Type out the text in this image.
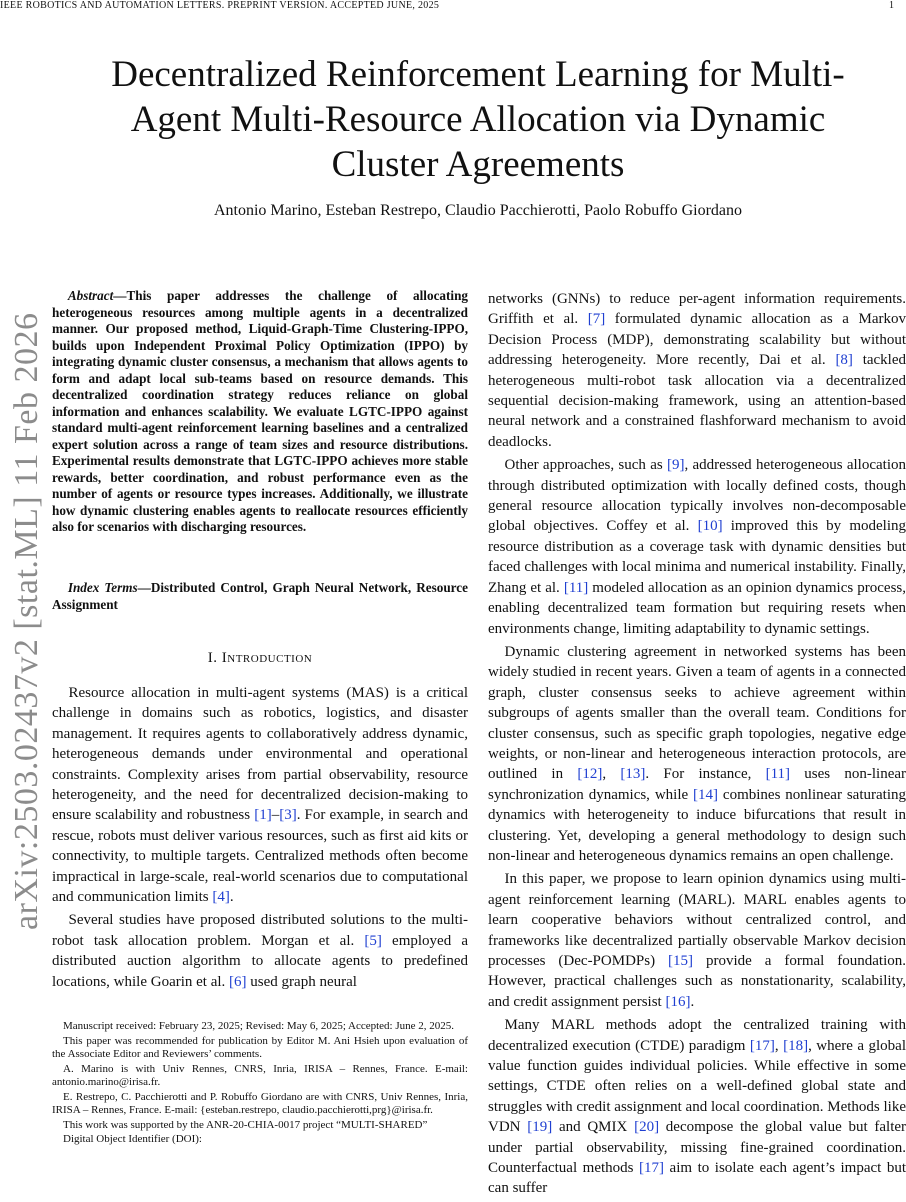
IEEE ROBOTICS AND AUTOMATION LETTERS. PREPRINT VERSION. ACCEPTED JUNE, 2025	1
arXiv:2503.02437v2 [stat.ML] 11 Feb 2026
Decentralized Reinforcement Learning for Multi-Agent Multi-Resource Allocation via Dynamic Cluster Agreements
Antonio Marino, Esteban Restrepo, Claudio Pacchierotti, Paolo Robuffo Giordano

Abstract—This paper addresses the challenge of allocating heterogeneous resources among multiple agents in a decentralized manner. Our proposed method, Liquid-Graph-Time Clustering-IPPO, builds upon Independent Proximal Policy Optimization (IPPO) by integrating dynamic cluster consensus, a mechanism that allows agents to form and adapt local sub-teams based on resource demands. This decentralized coordination strategy reduces reliance on global information and enhances scalability. We evaluate LGTC-IPPO against standard multi-agent reinforcement learning baselines and a centralized expert solution across a range of team sizes and resource distributions. Experimental results demonstrate that LGTC-IPPO achieves more stable rewards, better coordination, and robust performance even as the number of agents or resource types increases. Additionally, we illustrate how dynamic clustering enables agents to reallocate resources efficiently also for scenarios with discharging resources.

Index Terms—Distributed Control, Graph Neural Network, Resource Assignment

I. Introduction

Resource allocation in multi-agent systems (MAS) is a critical challenge in domains such as robotics, logistics, and disaster management. It requires agents to collaboratively address dynamic, heterogeneous demands under environmental and operational constraints. Complexity arises from partial observability, resource heterogeneity, and the need for decentralized decision-making to ensure scalability and robustness [1]–[3]. For example, in search and rescue, robots must deliver various resources, such as first aid kits or connectivity, to multiple targets. Centralized methods often become impractical in large-scale, real-world scenarios due to computational and communication limits [4].

Several studies have proposed distributed solutions to the multi-robot task allocation problem. Morgan et al. [5] employed a distributed auction algorithm to allocate agents to predefined locations, while Goarin et al. [6] used graph neural

Manuscript received: February 23, 2025; Revised: May 6, 2025; Accepted: June 2, 2025.

This paper was recommended for publication by Editor M. Ani Hsieh upon evaluation of the Associate Editor and Reviewers’ comments.

A. Marino is with Univ Rennes, CNRS, Inria, IRISA – Rennes, France. E-mail: antonio.marino@irisa.fr.

E. Restrepo, C. Pacchierotti and P. Robuffo Giordano are with CNRS, Univ Rennes, Inria, IRISA – Rennes, France. E-mail: {esteban.restrepo, claudio.pacchierotti,prg}@irisa.fr.

This work was supported by the ANR-20-CHIA-0017 project “MULTI-SHARED”

Digital Object Identifier (DOI):

networks (GNNs) to reduce per-agent information requirements. Griffith et al. [7] formulated dynamic allocation as a Markov Decision Process (MDP), demonstrating scalability but without addressing heterogeneity. More recently, Dai et al. [8] tackled heterogeneous multi-robot task allocation via a decentralized sequential decision-making framework, using an attention-based neural network and a constrained flashforward mechanism to avoid deadlocks.

Other approaches, such as [9], addressed heterogeneous allocation through distributed optimization with locally defined costs, though general resource allocation typically involves non-decomposable global objectives. Coffey et al. [10] improved this by modeling resource distribution as a coverage task with dynamic densities but faced challenges with local minima and numerical instability. Finally, Zhang et al. [11] modeled allocation as an opinion dynamics process, enabling decentralized team formation but requiring resets when environments change, limiting adaptability to dynamic settings.

Dynamic clustering agreement in networked systems has been widely studied in recent years. Given a team of agents in a connected graph, cluster consensus seeks to achieve agreement within subgroups of agents smaller than the overall team. Conditions for cluster consensus, such as specific graph topologies, negative edge weights, or non-linear and heterogeneous interaction protocols, are outlined in [12], [13]. For instance, [11] uses non-linear synchronization dynamics, while [14] combines nonlinear saturating dynamics with heterogeneity to induce bifurcations that result in clustering. Yet, developing a general methodology to design such non-linear and heterogeneous dynamics remains an open challenge.

In this paper, we propose to learn opinion dynamics using multi-agent reinforcement learning (MARL). MARL enables agents to learn cooperative behaviors without centralized control, and frameworks like decentralized partially observable Markov decision processes (Dec-POMDPs) [15] provide a formal foundation. However, practical challenges such as nonstationarity, scalability, and credit assignment persist [16].

Many MARL methods adopt the centralized training with decentralized execution (CTDE) paradigm [17], [18], where a global value function guides individual policies. While effective in some settings, CTDE often relies on a well-defined global state and struggles with credit assignment and local coordination. Methods like VDN [19] and QMIX [20] decompose the global value but falter under partial observability, missing fine-grained coordination. Counterfactual methods [17] aim to isolate each agent’s impact but can suffer
